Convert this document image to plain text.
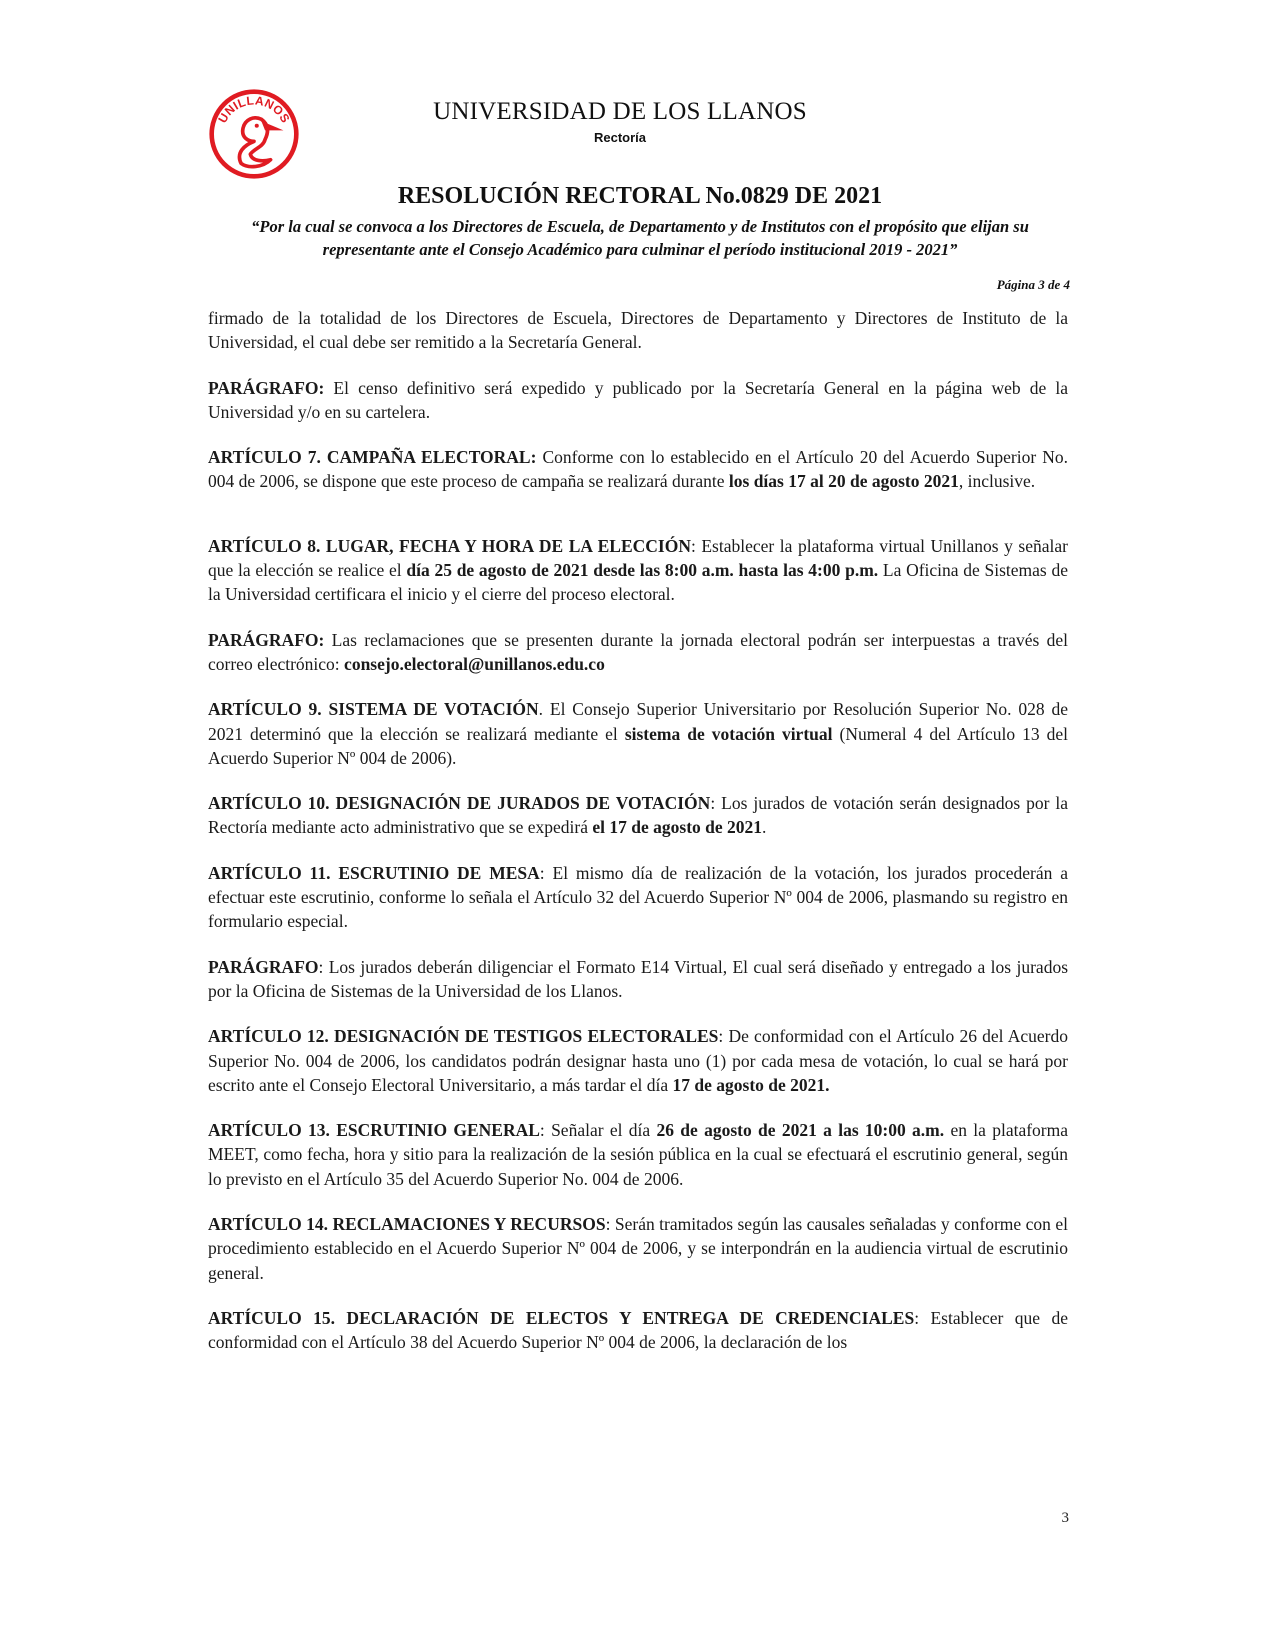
UNILLANOS	UNIVERSIDAD DE LOS LLANOS
Rectoría
RESOLUCIÓN RECTORAL No.0829 DE 2021
“Por la cual se convoca a los Directores de Escuela, de Departamento y de Institutos con el propósito que elijan su
representante ante el Consejo Académico para culminar el período institucional 2019 - 2021”
Página 3 de 4

firmado de la totalidad de los Directores de Escuela, Directores de Departamento y Directores de Instituto de la Universidad, el cual debe ser remitido a la Secretaría General.

PARÁGRAFO: El censo definitivo será expedido y publicado por la Secretaría General en la página web de la Universidad y/o en su cartelera.

ARTÍCULO 7. CAMPAÑA ELECTORAL: Conforme con lo establecido en el Artículo 20 del Acuerdo Superior No. 004 de 2006, se dispone que este proceso de campaña se realizará durante los días 17 al 20 de agosto 2021, inclusive.

ARTÍCULO 8. LUGAR, FECHA Y HORA DE LA ELECCIÓN: Establecer la plataforma virtual Unillanos y señalar que la elección se realice el día 25 de agosto de 2021 desde las 8:00 a.m. hasta las 4:00 p.m. La Oficina de Sistemas de la Universidad certificara el inicio y el cierre del proceso electoral.

PARÁGRAFO: Las reclamaciones que se presenten durante la jornada electoral podrán ser interpuestas a través del correo electrónico: consejo.electoral@unillanos.edu.co

ARTÍCULO 9. SISTEMA DE VOTACIÓN. El Consejo Superior Universitario por Resolución Superior No. 028 de 2021 determinó que la elección se realizará mediante el sistema de votación virtual (Numeral 4 del Artículo 13 del Acuerdo Superior Nº 004 de 2006).

ARTÍCULO 10. DESIGNACIÓN DE JURADOS DE VOTACIÓN: Los jurados de votación serán designados por la Rectoría mediante acto administrativo que se expedirá el 17 de agosto de 2021.

ARTÍCULO 11. ESCRUTINIO DE MESA: El mismo día de realización de la votación, los jurados procederán a efectuar este escrutinio, conforme lo señala el Artículo 32 del Acuerdo Superior Nº 004 de 2006, plasmando su registro en formulario especial.

PARÁGRAFO: Los jurados deberán diligenciar el Formato E14 Virtual, El cual será diseñado y entregado a los jurados por la Oficina de Sistemas de la Universidad de los Llanos.

ARTÍCULO 12. DESIGNACIÓN DE TESTIGOS ELECTORALES: De conformidad con el Artículo 26 del Acuerdo Superior No. 004 de 2006, los candidatos podrán designar hasta uno (1) por cada mesa de votación, lo cual se hará por escrito ante el Consejo Electoral Universitario, a más tardar el día 17 de agosto de 2021.

ARTÍCULO 13. ESCRUTINIO GENERAL: Señalar el día 26 de agosto de 2021 a las 10:00 a.m. en la plataforma MEET, como fecha, hora y sitio para la realización de la sesión pública en la cual se efectuará el escrutinio general, según lo previsto en el Artículo 35 del Acuerdo Superior No. 004 de 2006.

ARTÍCULO 14. RECLAMACIONES Y RECURSOS: Serán tramitados según las causales señaladas y conforme con el procedimiento establecido en el Acuerdo Superior Nº 004 de 2006, y se interpondrán en la audiencia virtual de escrutinio general.

ARTÍCULO 15. DECLARACIÓN DE ELECTOS Y ENTREGA DE CREDENCIALES: Establecer que de conformidad con el Artículo 38 del Acuerdo Superior Nº 004 de 2006, la declaración de los

3
